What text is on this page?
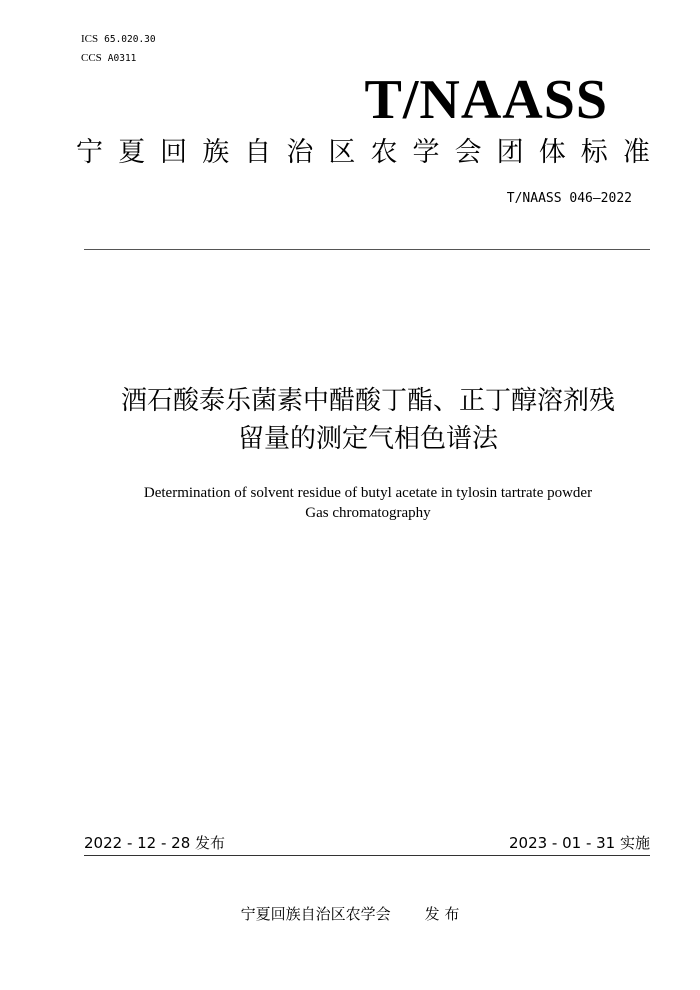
ICS 65.020.30
CCS A0311
T/NAASS
宁 夏 回 族 自 治 区 农 学 会 团 体 标 准
T/NAASS 046—2022
酒石酸泰乐菌素中醋酸丁酯、正丁醇溶剂残
留量的测定气相色谱法
Determination of solvent residue of butyl acetate in tylosin tartrate powder
Gas chromatography
2022 - 12 - 28 发布	2023 - 01 - 31 实施
宁夏回族自治区农学会 发 布
